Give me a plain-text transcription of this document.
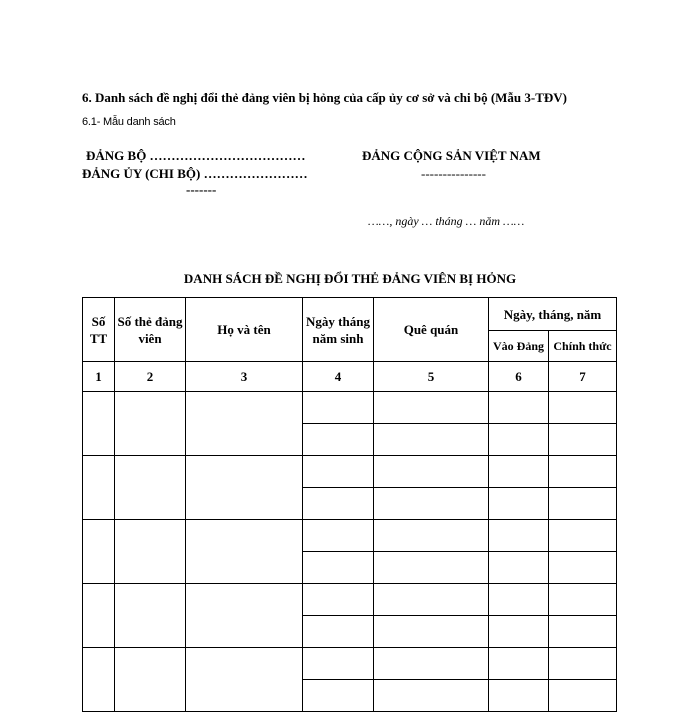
6. Danh sách đề nghị đổi thẻ đảng viên bị hỏng của cấp ủy cơ sở và chi bộ (Mẫu 3-TĐV)
6.1- Mẫu danh sách
ĐẢNG BỘ ………………………………
ĐẢNG ỦY (CHI BỘ) ……………………
-------
ĐẢNG CỘNG SẢN VIỆT NAM
---------------
……, ngày … tháng … năm ……
DANH SÁCH ĐỀ NGHỊ ĐỔI THẺ ĐẢNG VIÊN BỊ HỎNG
Số TT	Số thẻ đảng viên	Họ và tên	Ngày tháng năm sinh	Quê quán	Ngày, tháng, năm	
					Vào Đảng	Chính thức
1	2	3	4	5	6	7
